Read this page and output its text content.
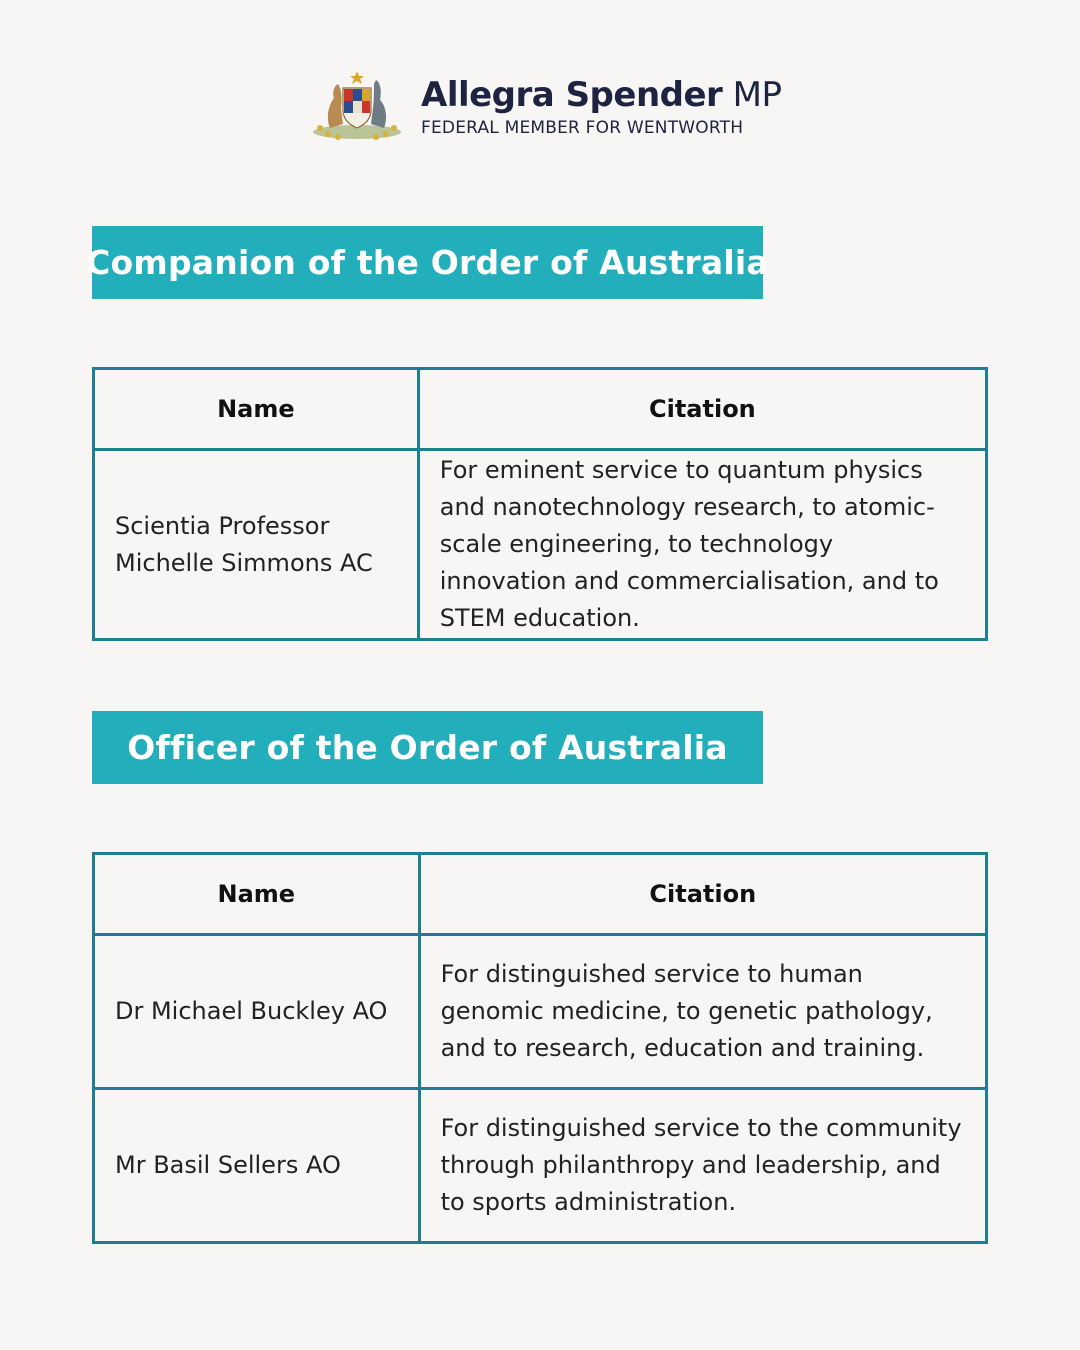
Allegra Spender MP
FEDERAL MEMBER FOR WENTWORTH
Companion of the Order of Australia
Name	Citation
Scientia Professor Michelle Simmons AC	For eminent service to quantum physics and nanotechnology research, to atomic-scale engineering, to technology innovation and commercialisation, and to STEM education.
Officer of the Order of Australia
Name	Citation
Dr Michael Buckley AO	For distinguished service to human genomic medicine, to genetic pathology, and to research, education and training.
Mr Basil Sellers AO	For distinguished service to the community through philanthropy and leadership, and to sports administration.
